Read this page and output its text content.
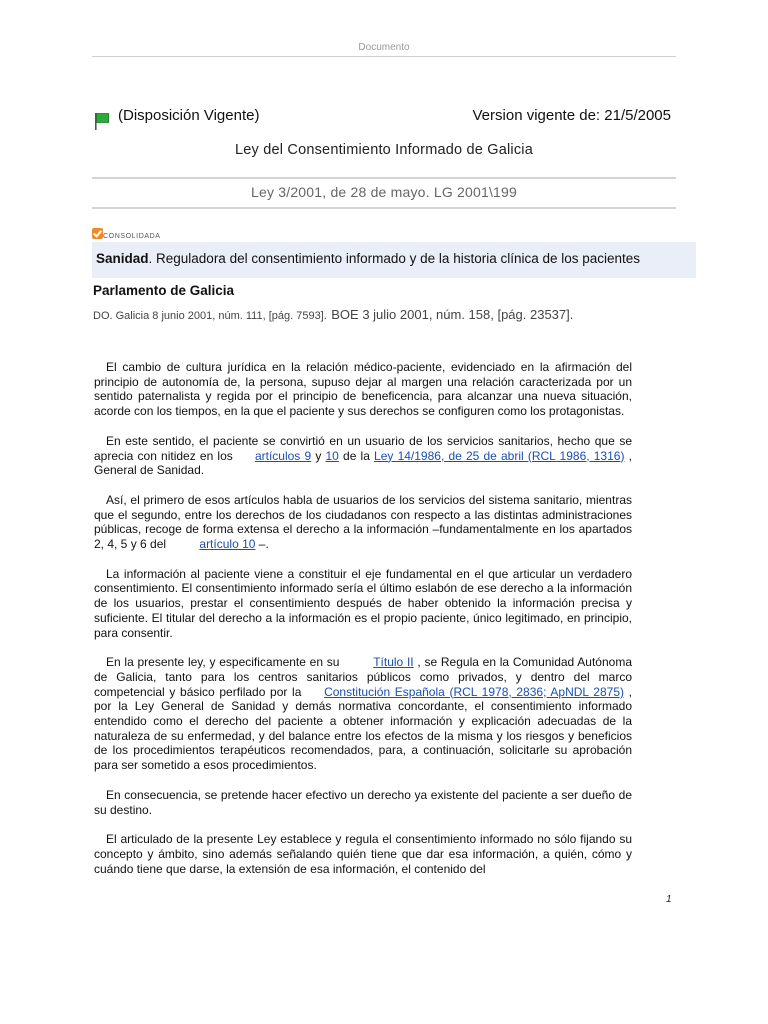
Documento
(Disposición Vigente)	Version vigente de: 21/5/2005
Ley del Consentimiento Informado de Galicia
Ley 3/2001, de 28 de mayo. LG 2001\199
CONSOLIDADA
Sanidad. Reguladora del consentimiento informado y de la historia clínica de los pacientes
Parlamento de Galicia
DO. Galicia 8 junio 2001, núm. 111, [pág. 7593]. BOE 3 julio 2001, núm. 158, [pág. 23537].

El cambio de cultura jurídica en la relación médico-paciente, evidenciado en la afirmación del principio de autonomía de, la persona, supuso dejar al margen una relación caracterizada por un sentido paternalista y regida por el principio de beneficencia, para alcanzar una nueva situación, acorde con los tiempos, en la que el paciente y sus derechos se configuren como los protagonistas.

En este sentido, el paciente se convirtió en un usuario de los servicios sanitarios, hecho que se aprecia con nitidez en los artículos 9 y 10 de la Ley 14/1986, de 25 de abril (RCL 1986, 1316) , General de Sanidad.

Así, el primero de esos artículos habla de usuarios de los servicios del sistema sanitario, mientras que el segundo, entre los derechos de los ciudadanos con respecto a las distintas administraciones públicas, recoge de forma extensa el derecho a la información –fundamentalmente en los apartados 2, 4, 5 y 6 del	artículo 10 –.

La información al paciente viene a constituir el eje fundamental en el que articular un verdadero consentimiento. El consentimiento informado sería el último eslabón de ese derecho a la información de los usuarios, prestar el consentimiento después de haber obtenido la información precisa y suficiente. El titular del derecho a la información es el propio paciente, único legitimado, en principio, para consentir.

En la presente ley, y especificamente en su	Título II , se Regula en la Comunidad Autónoma de Galicia, tanto para los centros sanitarios públicos como privados, y dentro del marco competencial y básico perfilado por la Constitución Española (RCL 1978, 2836; ApNDL 2875) , por la Ley General de Sanidad y demás normativa concordante, el consentimiento informado entendido como el derecho del paciente a obtener información y explicación adecuadas de la naturaleza de su enfermedad, y del balance entre los efectos de la misma y los riesgos y beneficios de los procedimientos terapéuticos recomendados, para, a continuación, solicitarle su aprobación para ser sometido a esos procedimientos.

En consecuencia, se pretende hacer efectivo un derecho ya existente del paciente a ser dueño de su destino.

El articulado de la presente Ley establece y regula el consentimiento informado no sólo fijando su concepto y ámbito, sino además señalando quién tiene que dar esa información, a quién, cómo y cuándo tiene que darse, la extensión de esa información, el contenido del

1
